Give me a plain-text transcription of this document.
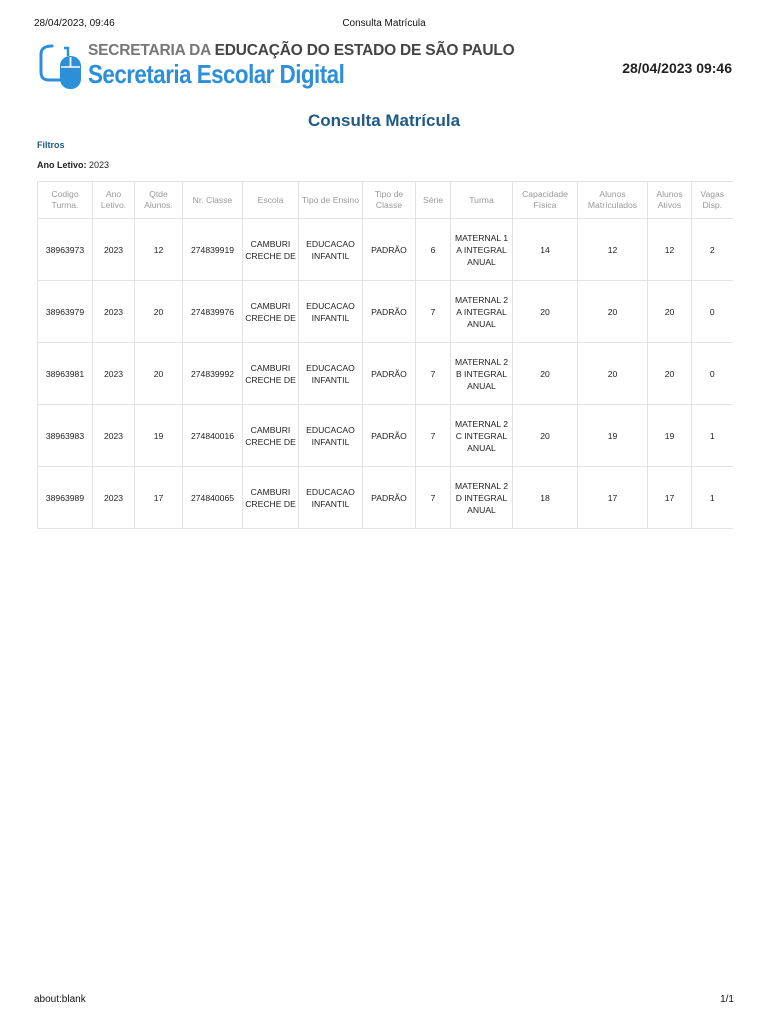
28/04/2023, 09:46	Consulta Matrícula
SECRETARIA DA EDUCAÇÃO DO ESTADO DE SÃO PAULO
Secretaria Escolar Digital	28/04/2023 09:46
Consulta Matrícula
Filtros
Ano Letivo: 2023
Codigo Turma.	Ano Letivo.	Qtde Alunos.	Nr. Classe	Escola	Tipo de Ensino	Tipo de Classe	Série	Turma	Capacidade Física	Alunos Matrículados	Alunos Ativos	Vagas Disp.
38963973	2023	12	274839919	CAMBURI CRECHE DE	EDUCACAO INFANTIL	PADRÃO	6	MATERNAL 1 A INTEGRAL ANUAL	14	12	12	2
38963979	2023	20	274839976	CAMBURI CRECHE DE	EDUCACAO INFANTIL	PADRÃO	7	MATERNAL 2 A INTEGRAL ANUAL	20	20	20	0
38963981	2023	20	274839992	CAMBURI CRECHE DE	EDUCACAO INFANTIL	PADRÃO	7	MATERNAL 2 B INTEGRAL ANUAL	20	20	20	0
38963983	2023	19	274840016	CAMBURI CRECHE DE	EDUCACAO INFANTIL	PADRÃO	7	MATERNAL 2 C INTEGRAL ANUAL	20	19	19	1
38963989	2023	17	274840065	CAMBURI CRECHE DE	EDUCACAO INFANTIL	PADRÃO	7	MATERNAL 2 D INTEGRAL ANUAL	18	17	17	1
about:blank	1/1
